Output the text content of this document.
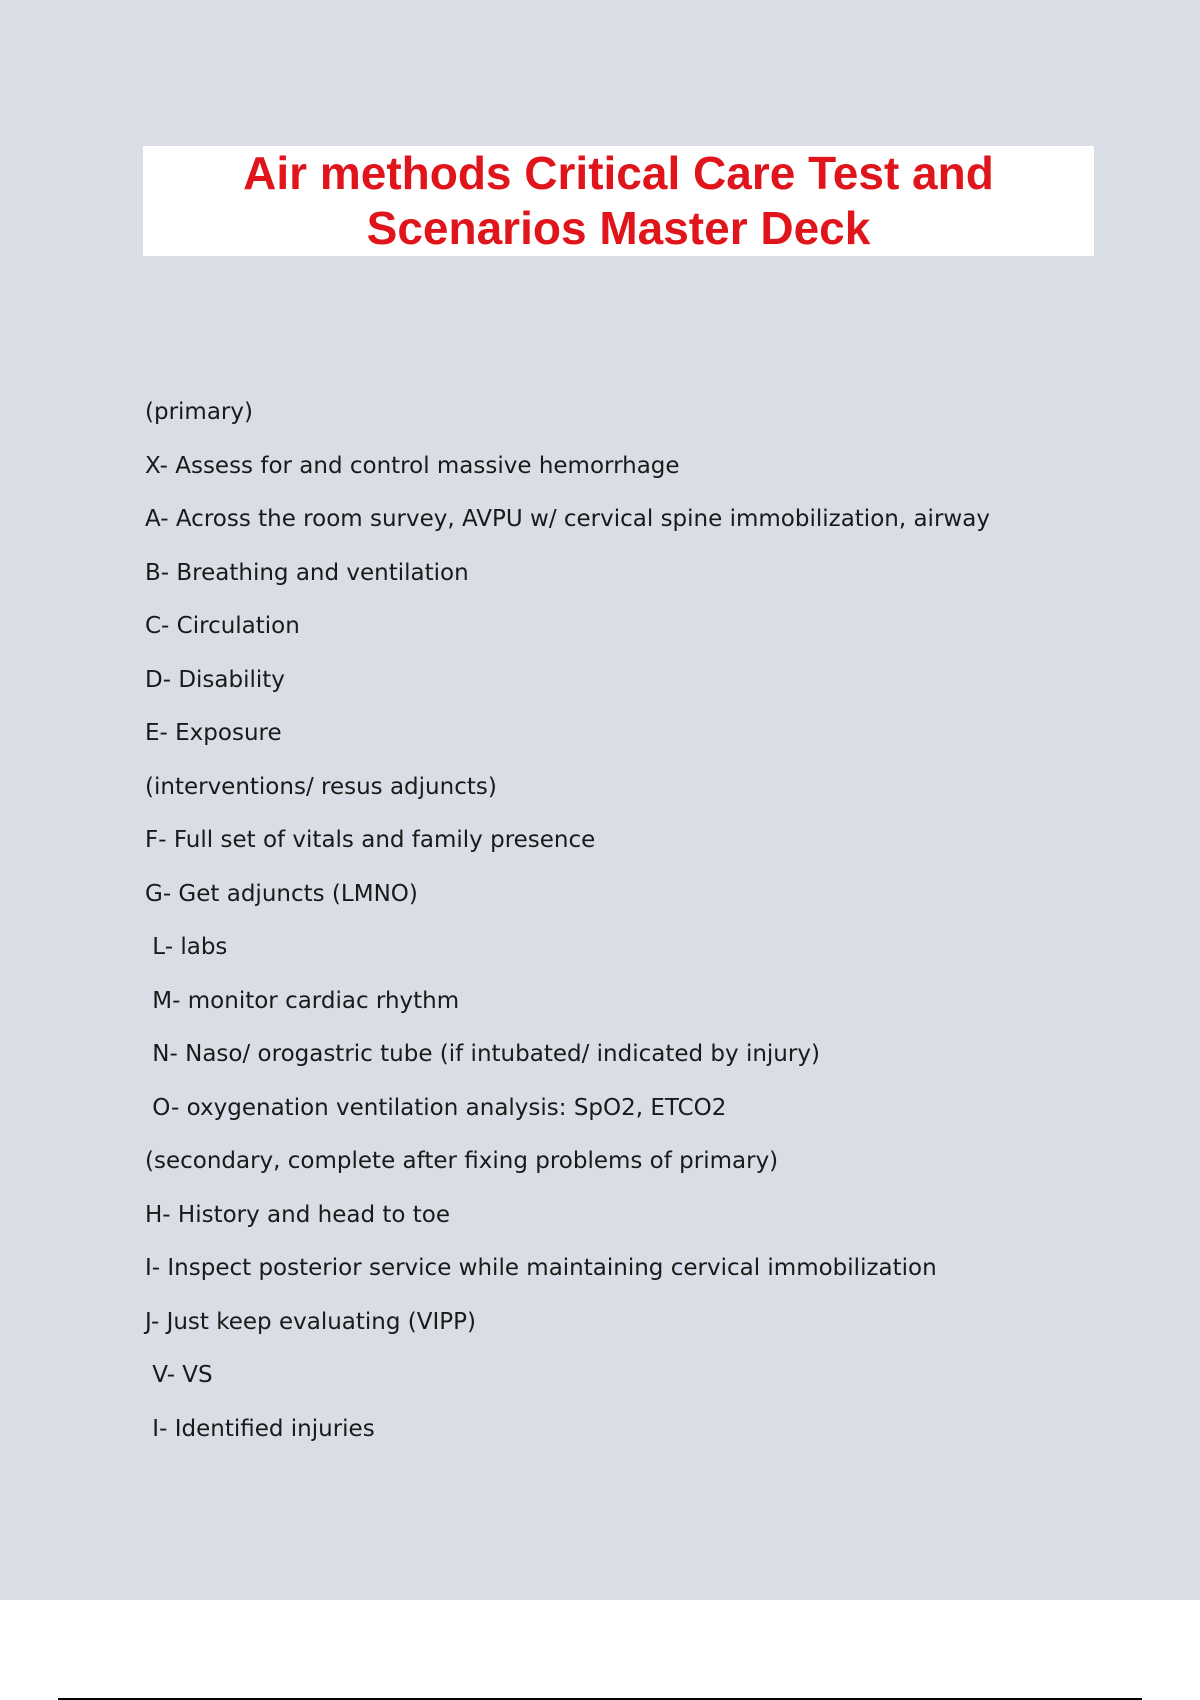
Air methods Critical Care Test and
Scenarios Master Deck
(primary)
X- Assess for and control massive hemorrhage
A- Across the room survey, AVPU w/ cervical spine immobilization, airway
B- Breathing and ventilation
C- Circulation
D- Disability
E- Exposure
(interventions/ resus adjuncts)
F- Full set of vitals and family presence
G- Get adjuncts (LMNO)
L- labs
M- monitor cardiac rhythm
N- Naso/ orogastric tube (if intubated/ indicated by injury)
O- oxygenation ventilation analysis: SpO2, ETCO2
(secondary, complete after fixing problems of primary)
H- History and head to toe
I- Inspect posterior service while maintaining cervical immobilization
J- Just keep evaluating (VIPP)
V- VS
I- Identified injuries
